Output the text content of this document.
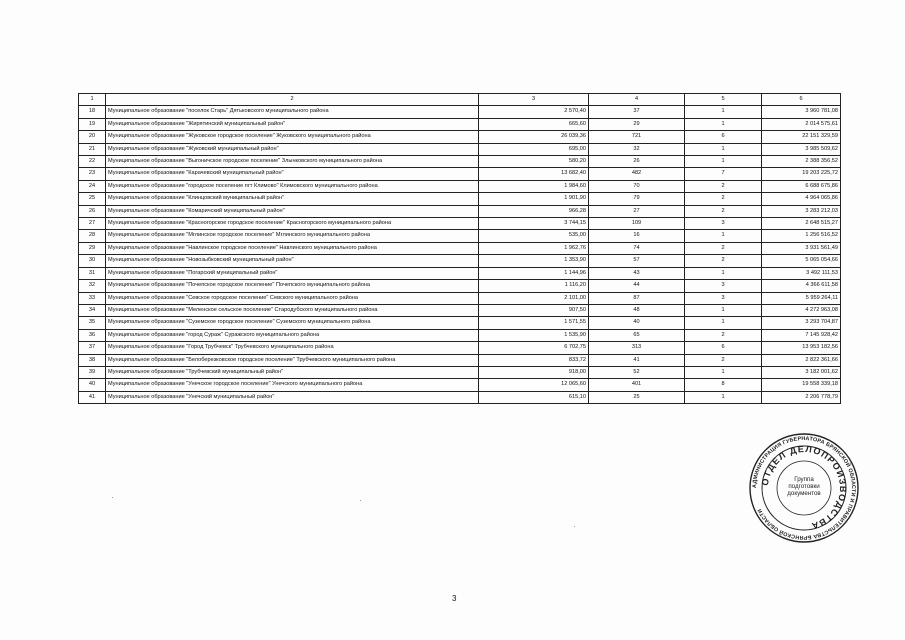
1	2	3	4	5	6
18	Муниципальное образование "поселок Старь" Дятьковского муниципального района	2 570,40	37	1	3 960 781,08
19	Муниципальное образование "Жирятинский муниципальный район"	665,60	29	1	2 014 575,61
20	Муниципальное образование "Жуковское городское поселение" Жуковского муниципального района	26 039,36	721	6	22 151 329,59
21	Муниципальное образование "Жуковский муниципальный район"	695,00	32	1	3 985 509,62
22	Муниципальное образование "Выгоничское городское поселение" Злынковского муниципального района	580,20	26	1	2 388 356,52
23	Муниципальное образование "Карачевский муниципальный район"	13 682,40	482	7	19 203 225,72
24	Муниципальное образование "городское поселение пгт Климово" Климовского муниципального района	1 984,60	70	2	6 688 675,86
25	Муниципальное образование "Клинцовский муниципальный район"	1 901,90	79	2	4 964 065,86
26	Муниципальное образование "Комаричский муниципальный район"	966,28	27	2	3 283 212,03
27	Муниципальное образование "Красногорское городское поселение" Красногорского муниципального района	3 744,15	109	3	2 648 515,27
28	Муниципальное образование "Мглинское городское поселение" Мглинского муниципального района	535,00	16	1	1 256 516,52
29	Муниципальное образование "Навлинское городское поселение" Навлинского муниципального района	1 962,76	74	2	3 931 561,49
30	Муниципальное образование "Новозыбковский муниципальный район"	1 353,90	57	2	5 065 054,66
31	Муниципальное образование "Погарский муниципальный район"	1 144,96	43	1	3 492 111,53
32	Муниципальное образование "Почепское городское поселение" Почепского муниципального района	1 116,20	44	3	4 366 611,58
33	Муниципальное образование "Севское городское поселение" Севского муниципального района	2 101,00	87	3	5 959 264,11
34	Муниципальное образование "Меленское сельское поселение" Стародубского муниципального района	907,50	48	1	4 272 963,08
35	Муниципальное образование "Суземское городское поселение" Суземского муниципального района	1 571,55	40	1	3 293 704,87
36	Муниципальное образование "город Сураж" Суражского муниципального района	1 535,90	65	2	7 145 928,42
37	Муниципальное образование "Город Трубчевск" Трубчевского муниципального района	6 702,75	313	6	13 953 182,56
38	Муниципальное образование "Белоберезковское городское поселение" Трубчевского муниципального района	833,72	41	2	2 822 361,66
39	Муниципальное образование "Трубчевский муниципальный район"	918,00	52	1	3 182 001,62
40	Муниципальное образование "Унечское городское поселение" Унечского муниципального района	12 065,60	401	8	19 558 339,18
41	Муниципальное образование "Унечский муниципальный район"	615,10	25	1	2 206 778,79
АДМИНИСТРАЦИЯ ГУБЕРНАТОРА БРЯНСКОЙ ОБЛАСТИ И ПРАВИТЕЛЬСТВА БРЯНСКОЙ ОБЛАСТИ
ОТДЕЛ ДЕЛОПРОИЗВОДСТВА
Группа подготовки документов
3
